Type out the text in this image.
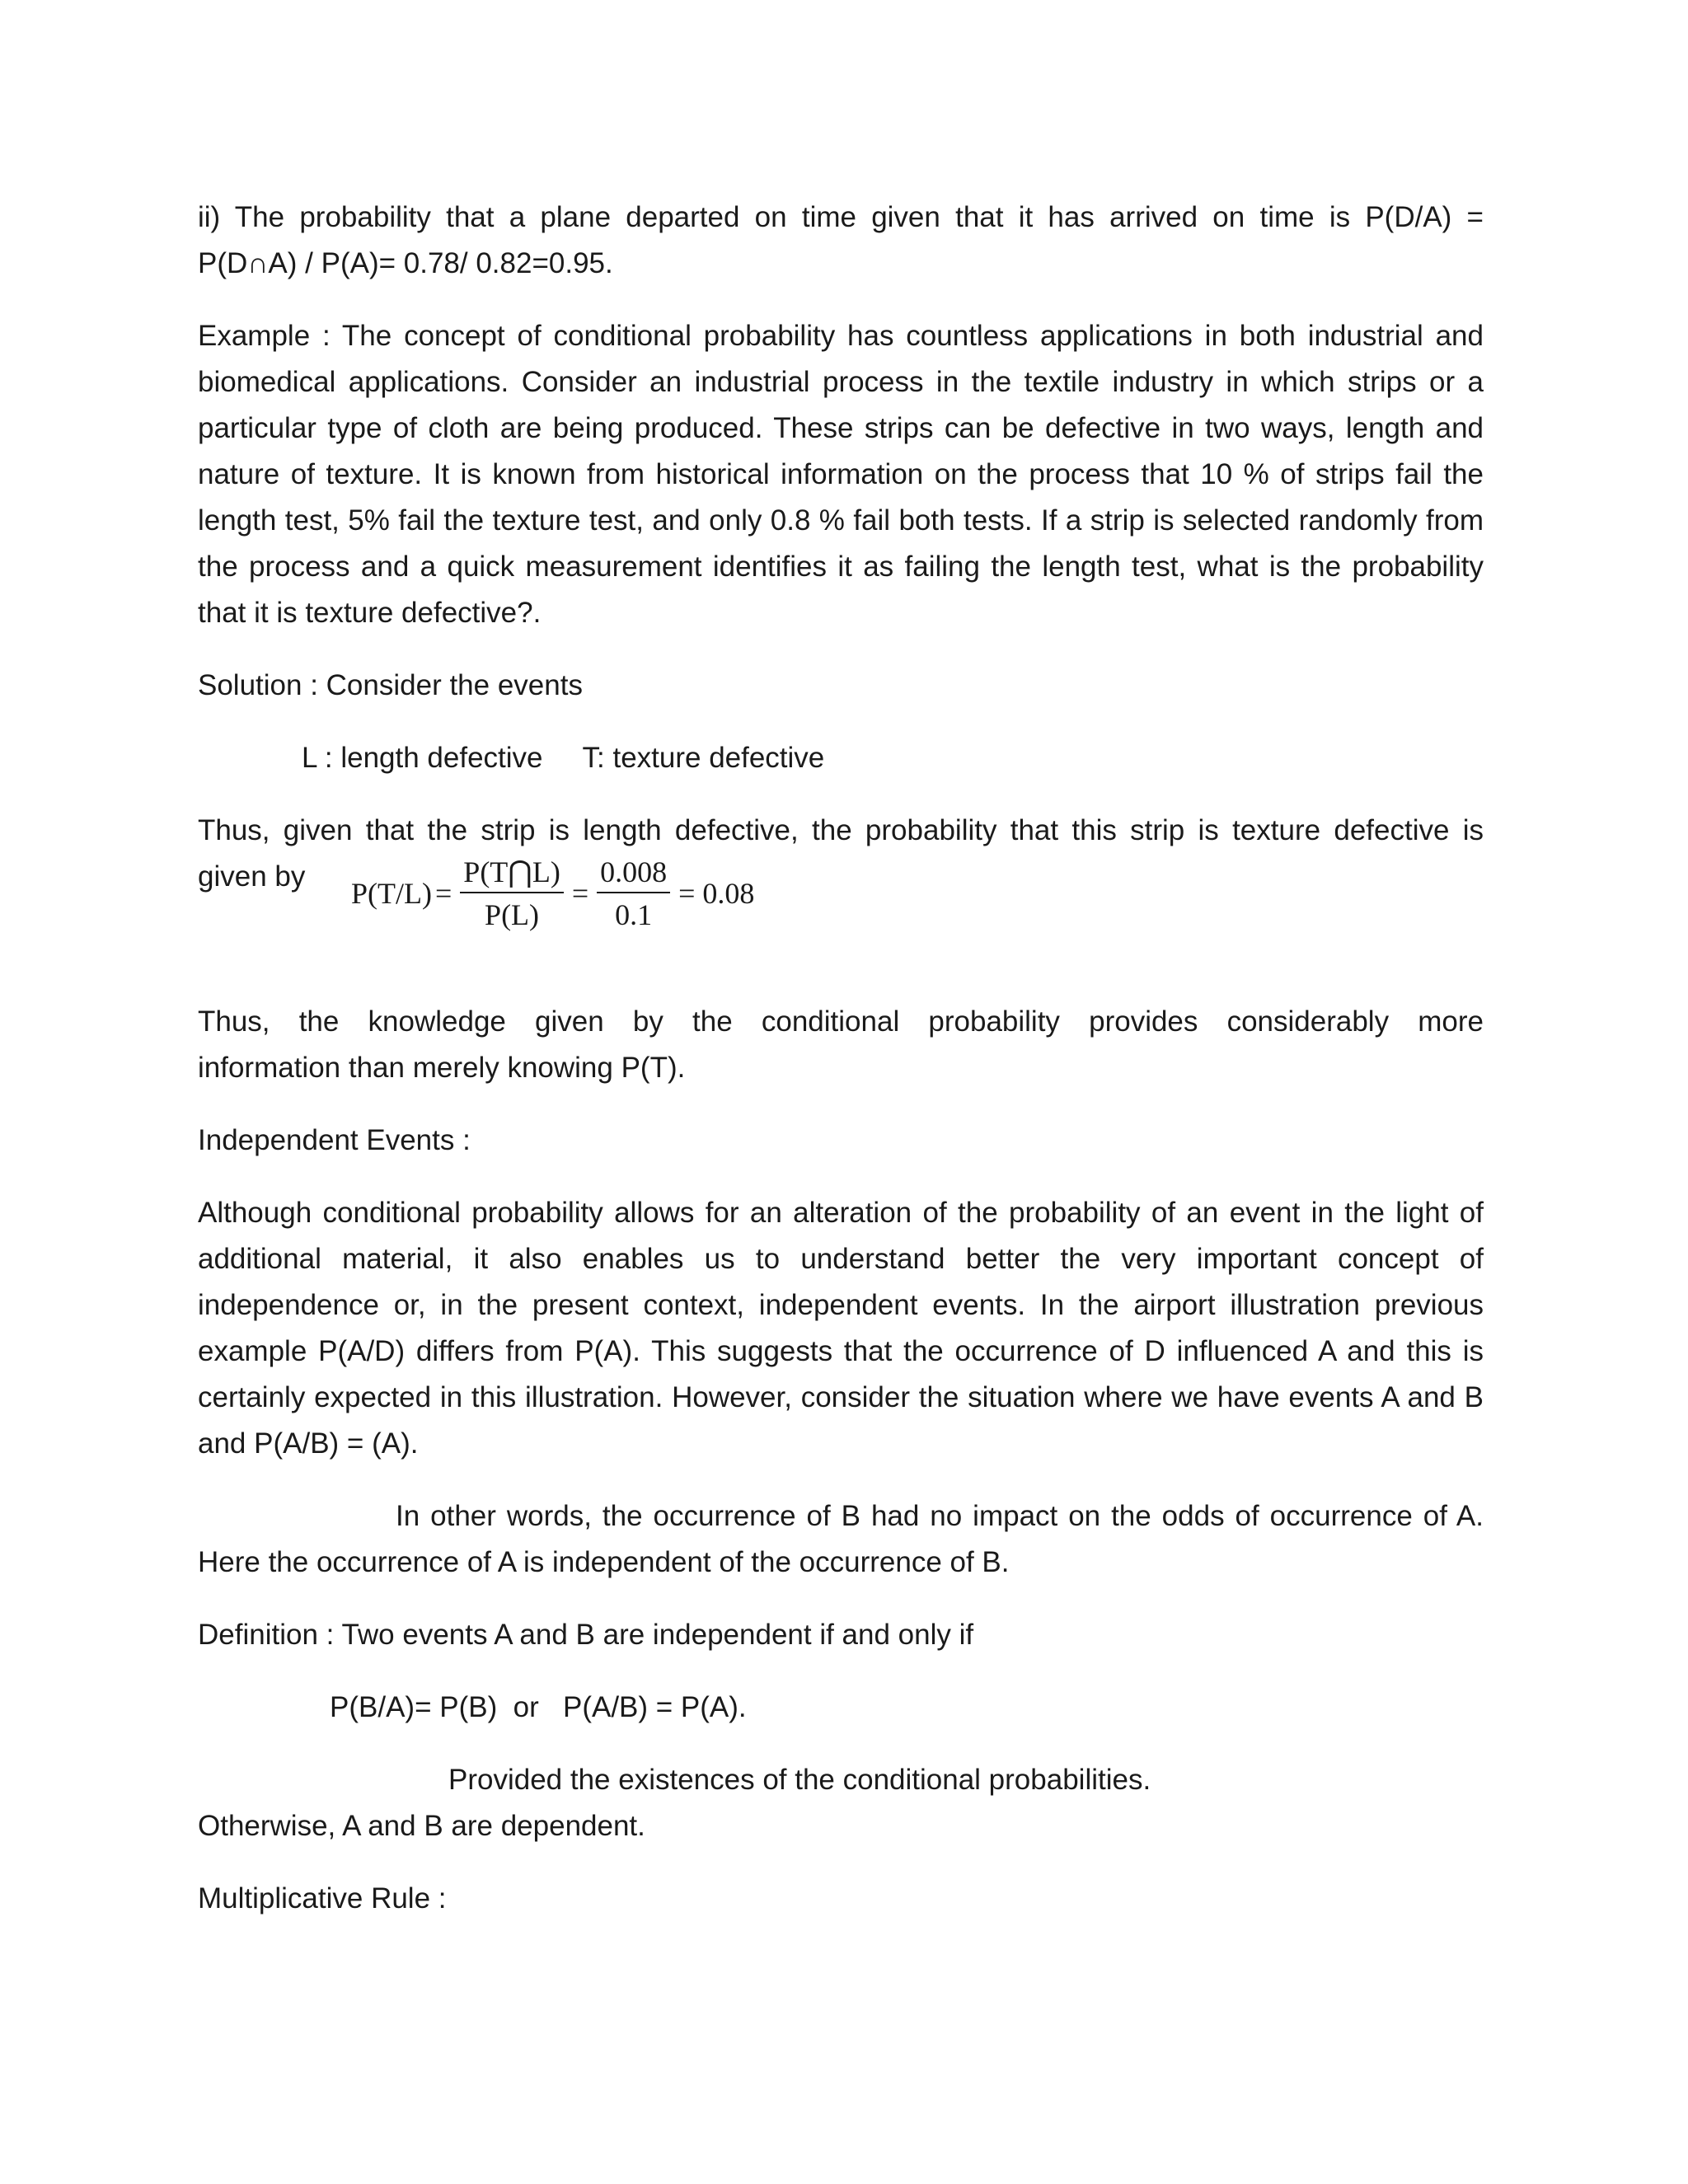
ii) The probability that a plane departed on time given that it has arrived on time is P(D/A) =

P(D∩A) / P(A)= 0.78/ 0.82=0.95.

Example : The concept of conditional probability has countless applications in both industrial and biomedical applications. Consider an industrial process in the textile industry in which strips or a particular type of cloth are being produced. These strips can be defective in two ways, length and nature of texture. It is known from historical information on the process that 10 % of strips fail the length test, 5% fail the texture test, and only 0.8 % fail both tests. If a strip is selected randomly from the process and a quick measurement identifies it as failing the length test, what is the probability that it is texture defective?.

Solution : Consider the events

L : length defective T: texture defective

Thus, given that the strip is length defective, the probability that this strip is texture defective is

given by
$P(T/L) = \frac{P(T⋂L)}{P(L)} = \frac{0.008}{0.1} = 0.08$

Thus, the knowledge given by the conditional probability provides considerably more

information than merely knowing P(T).

Independent Events :

Although conditional probability allows for an alteration of the probability of an event in the light of additional material, it also enables us to understand better the very important concept of independence or, in the present context, independent events. In the airport illustration previous example P(A/D) differs from P(A). This suggests that the occurrence of D influenced A and this is certainly expected in this illustration. However, consider the situation where we have events A and B and P(A/B) = (A).

In other words, the occurrence of B had no impact on the odds of occurrence of A. Here the occurrence of A is independent of the occurrence of B.

Definition : Two events A and B are independent if and only if

P(B/A)= P(B)  or   P(A/B) = P(A).

Provided the existences of the conditional probabilities.

Otherwise, A and B are dependent.

Multiplicative Rule :
